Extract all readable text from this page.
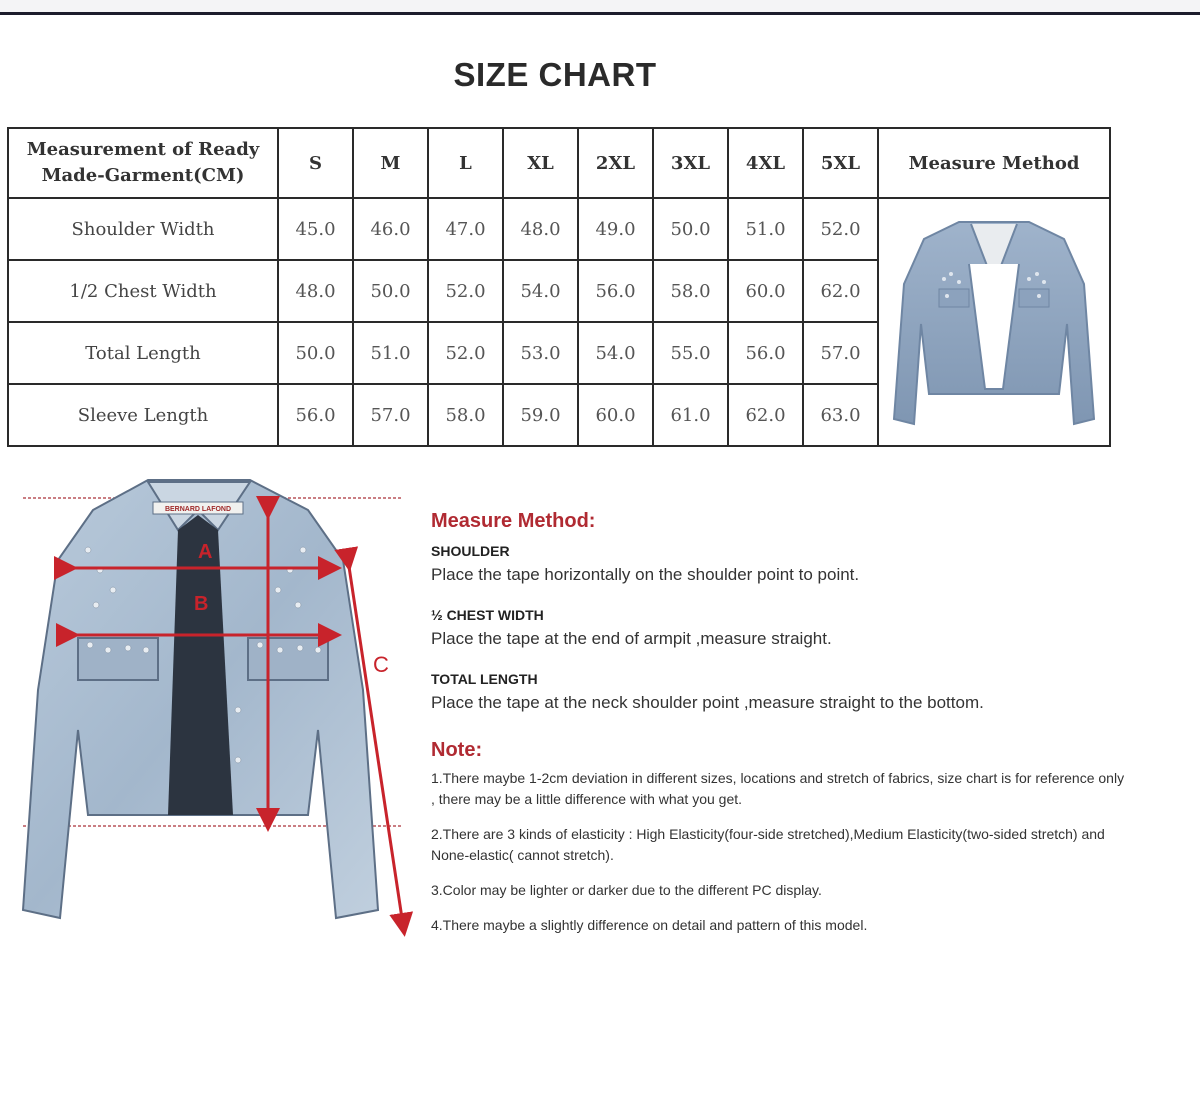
SIZE CHART
Measurement of Ready
Made-Garment(CM)	S	M	L	XL	2XL	3XL	4XL	5XL	Measure Method
Shoulder Width	45.0	46.0	47.0	48.0	49.0	50.0	51.0	52.0	

1/2 Chest Width	48.0	50.0	52.0	54.0	56.0	58.0	60.0	62.0	
Total Length	50.0	51.0	52.0	53.0	54.0	55.0	56.0	57.0	
Sleeve Length	56.0	57.0	58.0	59.0	60.0	61.0	62.0	63.0	
BERNARD LAFOND
A
B
C
Measure Method:
SHOULDER
Place the tape horizontally on the shoulder point to point.
½ CHEST WIDTH
Place the tape at the end of armpit ,measure straight.
TOTAL LENGTH
Place the tape at the neck shoulder point ,measure straight to the bottom.
Note:
1.There maybe 1-2cm deviation in different sizes, locations and stretch of fabrics, size chart is for reference only , there may be a little difference with what you get.
2.There are 3 kinds of elasticity : High Elasticity(four-side stretched),Medium Elasticity(two-sided stretch) and None-elastic( cannot stretch).
3.Color may be lighter or darker due to the different PC display.
4.There maybe a slightly difference on detail and pattern of this model.
